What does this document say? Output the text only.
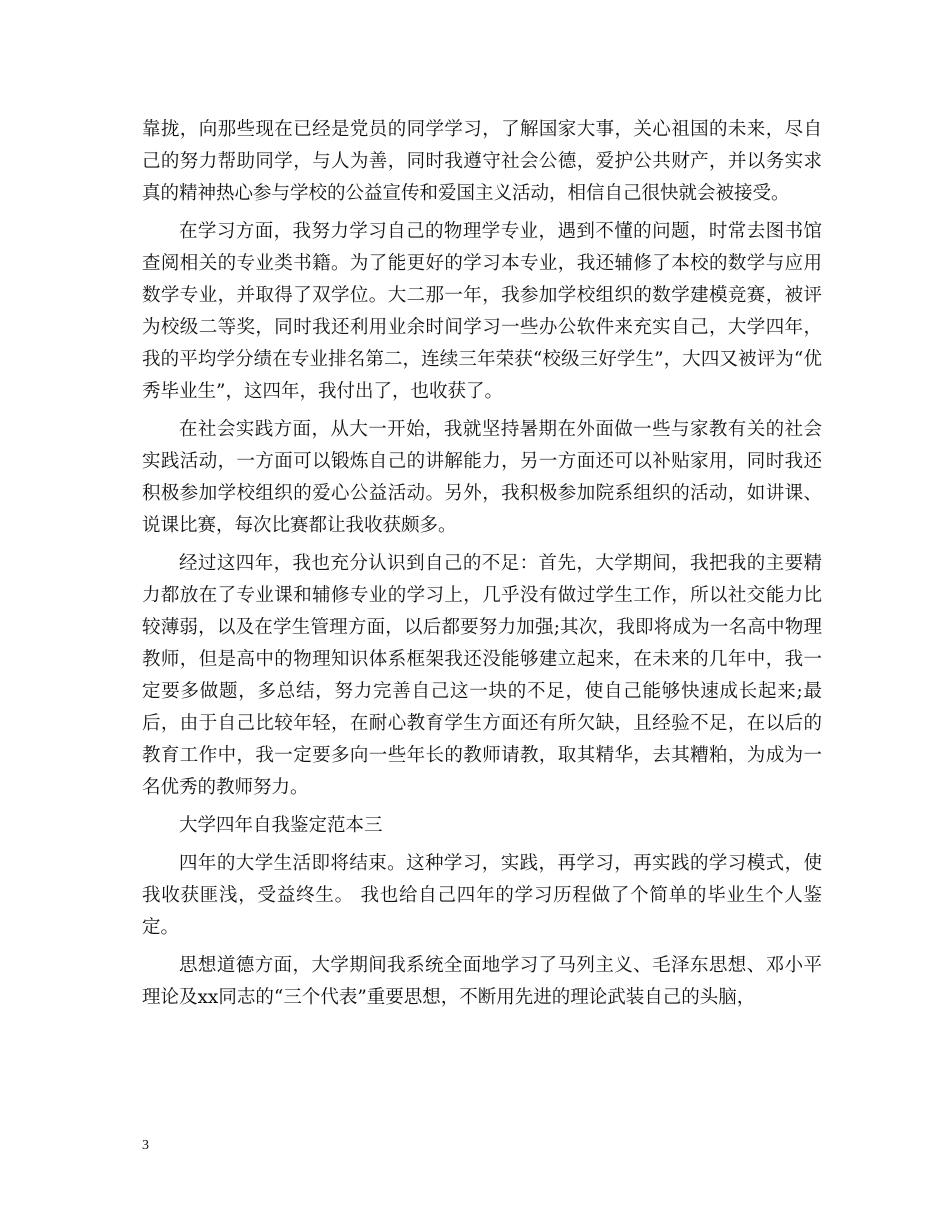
靠拢，向那些现在已经是党员的同学学习，了解国家大事，关心祖国的未来，尽自己的努力帮助同学，与人为善，同时我遵守社会公德，爱护公共财产，并以务实求真的精神热心参与学校的公益宣传和爱国主义活动，相信自己很快就会被接受。

在学习方面，我努力学习自己的物理学专业，遇到不懂的问题，时常去图书馆查阅相关的专业类书籍。为了能更好的学习本专业，我还辅修了本校的数学与应用数学专业，并取得了双学位。大二那一年，我参加学校组织的数学建模竞赛，被评为校级二等奖，同时我还利用业余时间学习一些办公软件来充实自己，大学四年，我的平均学分绩在专业排名第二，连续三年荣获“校级三好学生”，大四又被评为“优秀毕业生”，这四年，我付出了，也收获了。

在社会实践方面，从大一开始，我就坚持暑期在外面做一些与家教有关的社会实践活动，一方面可以锻炼自己的讲解能力，另一方面还可以补贴家用，同时我还积极参加学校组织的爱心公益活动。另外，我积极参加院系组织的活动，如讲课、说课比赛，每次比赛都让我收获颇多。

经过这四年，我也充分认识到自己的不足：首先，大学期间，我把我的主要精力都放在了专业课和辅修专业的学习上，几乎没有做过学生工作，所以社交能力比较薄弱，以及在学生管理方面，以后都要努力加强;其次，我即将成为一名高中物理教师，但是高中的物理知识体系框架我还没能够建立起来，在未来的几年中，我一定要多做题，多总结，努力完善自己这一块的不足，使自己能够快速成长起来;最后，由于自己比较年轻，在耐心教育学生方面还有所欠缺，且经验不足，在以后的教育工作中，我一定要多向一些年长的教师请教，取其精华，去其糟粕，为成为一名优秀的教师努力。

大学四年自我鉴定范本三

四年的大学生活即将结束。这种学习，实践，再学习，再实践的学习模式，使我收获匪浅，受益终生。 我也给自己四年的学习历程做了个简单的毕业生个人鉴定。

思想道德方面，大学期间我系统全面地学习了马列主义、毛泽东思想、邓小平理论及xx同志的“三个代表”重要思想，不断用先进的理论武装自己的头脑，

3
